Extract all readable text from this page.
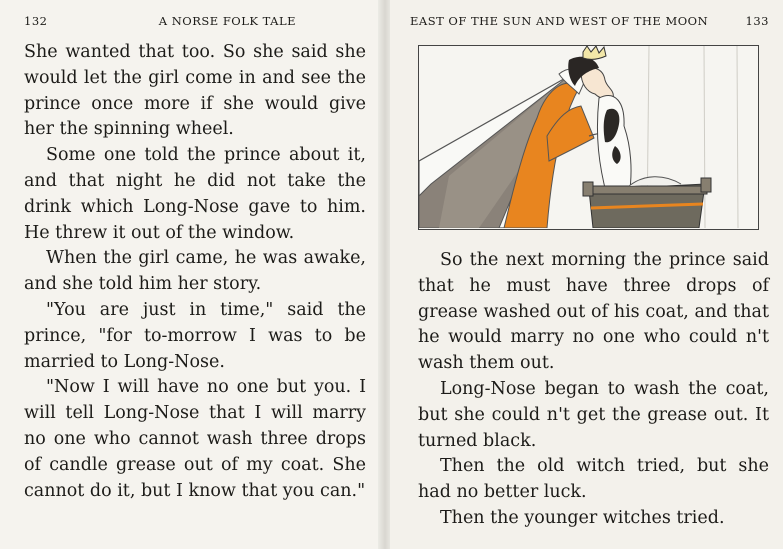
132	A NORSE FOLK TALE

She wanted that too. So she said she would let the girl come in and see the prince once more if she would give her the spinning wheel.

Some one told the prince about it, and that night he did not take the drink which Long-Nose gave to him. He threw it out of the window.

When the girl came, he was awake, and she told him her story.

"You are just in time," said the prince, "for to-morrow I was to be married to Long-Nose.

"Now I will have no one but you. I will tell Long-Nose that I will marry no one who cannot wash three drops of candle grease out of my coat. She cannot do it, but I know that you can."

EAST OF THE SUN AND WEST OF THE MOON	133

So the next morning the prince said that he must have three drops of grease washed out of his coat, and that he would marry no one who could n't wash them out.

Long-Nose began to wash the coat, but she could n't get the grease out. It turned black.

Then the old witch tried, but she had no better luck.

Then the younger witches tried.
